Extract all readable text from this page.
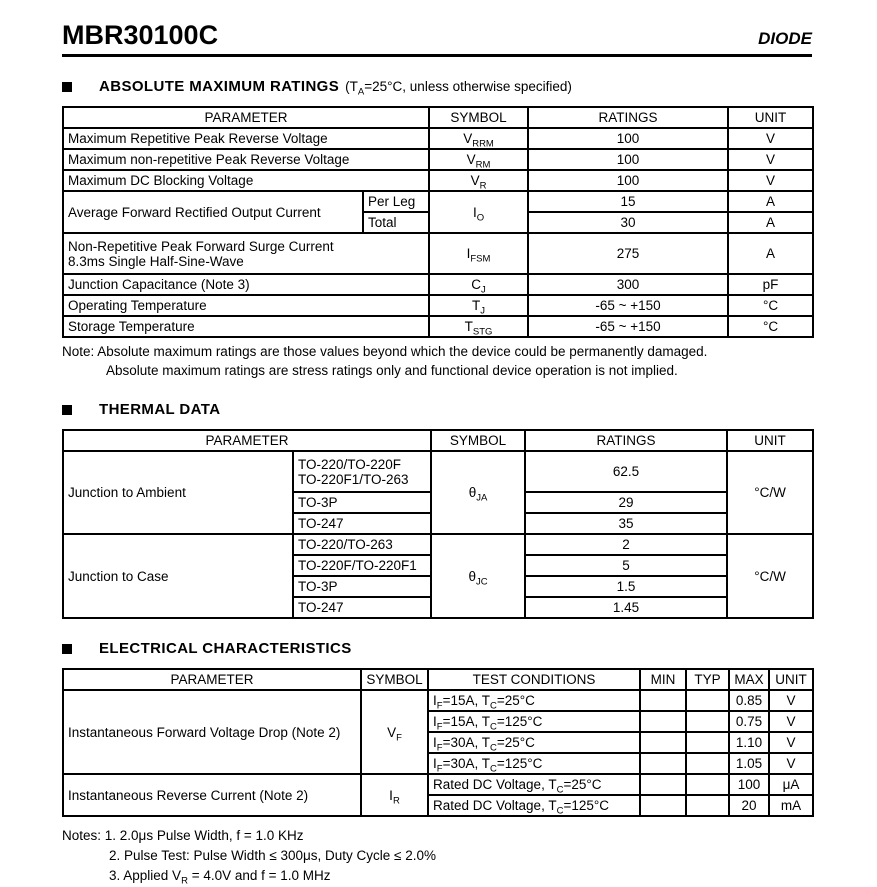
MBR30100C	DIODE
ABSOLUTE MAXIMUM RATINGS ($T_A=25^\circ C$, unless otherwise specified)
PARAMETER		SYMBOL	RATINGS	UNIT
Maximum Repetitive Peak Reverse Voltage		$V_{RRM}$	100	V
Maximum non-repetitive Peak Reverse Voltage		$V_{RM}$	100	V
Maximum DC Blocking Voltage		$V_R$	100	V
Average Forward Rectified Output Current	Per Leg	$I_O$	15	A
	Total		30	A

Non-Repetitive Peak Forward Surge Current
8.3ms Single Half-Sine-Wave		$I_{FSM}$	275	A
Junction Capacitance (Note 3)		$C_J$	300	pF
Operating Temperature		$T_J$	-65 ~ +150	°C
Storage Temperature		$T_{STG}$	-65 ~ +150	°C
Note: Absolute maximum ratings are those values beyond which the device could be permanently damaged.
Absolute maximum ratings are stress ratings only and functional device operation is not implied.
THERMAL DATA
PARAMETER		SYMBOL	RATINGS	UNIT
Junction to Ambient	TO-220/TO-220F
TO-220F1/TO-263	$\theta_{JA}$	62.5	°C/W
	TO-3P		29	
	TO-247		35	
Junction to Case	TO-220/TO-263	$\theta_{JC}$	2	°C/W
	TO-220F/TO-220F1		5	
	TO-3P		1.5	
	TO-247		1.45	
ELECTRICAL CHARACTERISTICS
PARAMETER	SYMBOL	TEST CONDITIONS	MIN	TYP	MAX	UNIT
Instantaneous Forward Voltage Drop (Note 2)	$V_F$	$I_F=15A$, $T_C=25^\circ C$			0.85	V
		$I_F=15A$, $T_C=125^\circ C$			0.75	V
		$I_F=30A$, $T_C=25^\circ C$			1.10	V
		$I_F=30A$, $T_C=125^\circ C$			1.05	V
Instantaneous Reverse Current (Note 2)	$I_R$	Rated DC Voltage, $T_C=25^\circ C$			100	μA
		Rated DC Voltage, $T_C=125^\circ C$			20	mA
Notes: 1. 2.0μs Pulse Width, f = 1.0 KHz
2. Pulse Test: Pulse Width ≤ 300μs, Duty Cycle ≤ 2.0%
3. Applied $V_R = 4.0V$ and f = 1.0 MHz
